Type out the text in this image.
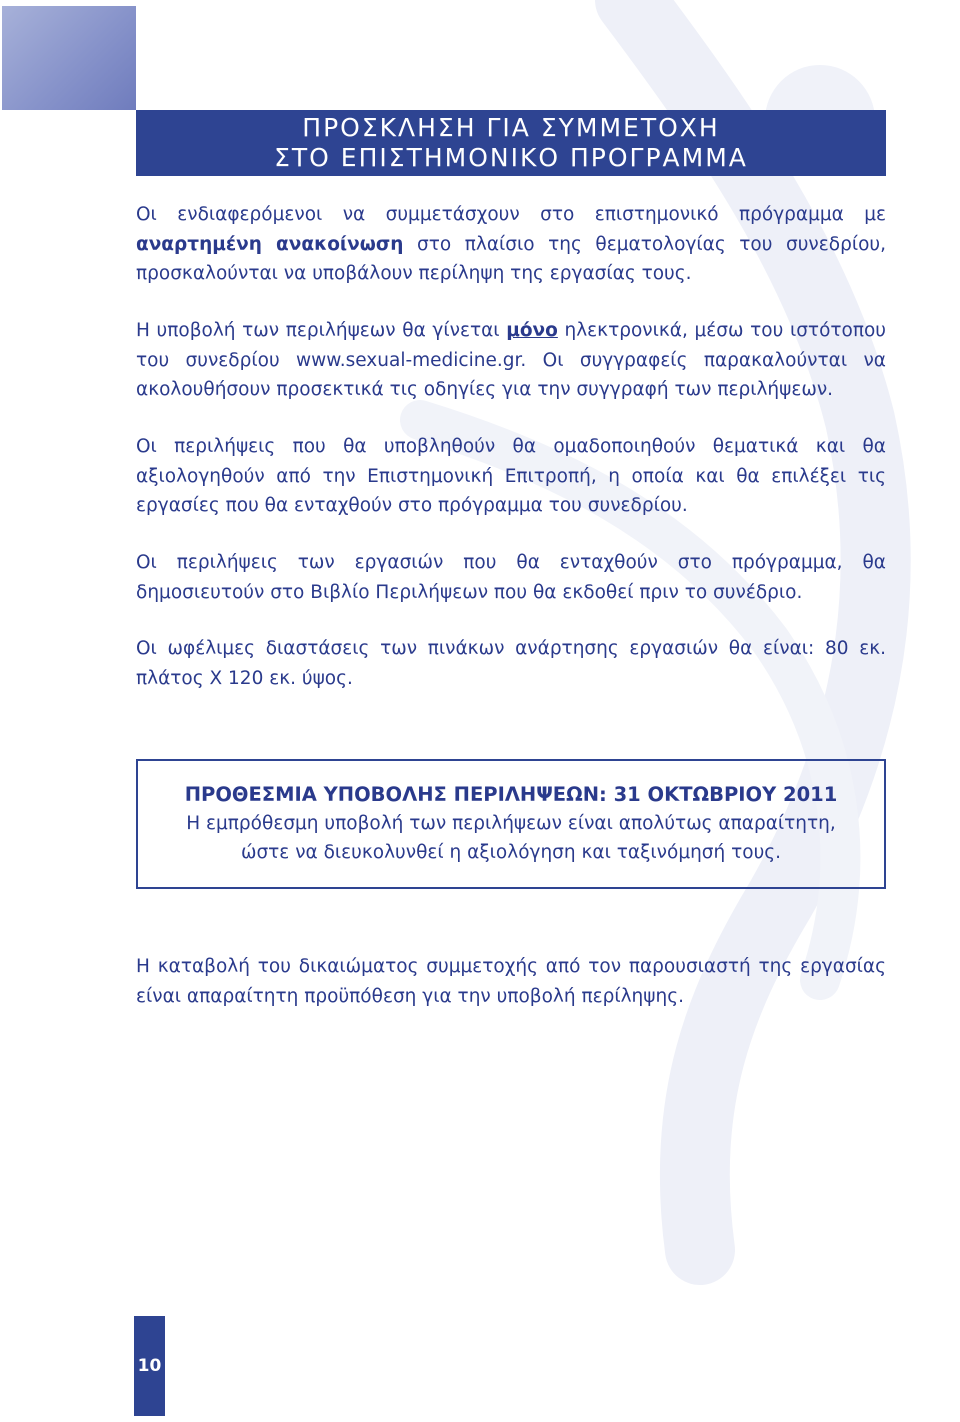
ΠΡΟΣΚΛΗΣΗ ΓΙΑ ΣΥΜΜΕΤΟΧΗ
ΣΤΟ ΕΠΙΣΤΗΜΟΝΙΚΟ ΠΡΟΓΡΑΜΜΑ

Οι ενδιαφερόμενοι να συμμετάσχουν στο επιστημονικό πρόγραμμα με αναρτημένη ανακοίνωση στο πλαίσιο της θεματολογίας του συνεδρίου, προσκαλούνται να υποβάλουν περίληψη της εργασίας τους.

Η υποβολή των περιλήψεων θα γίνεται μόνο ηλεκτρονικά, μέσω του ιστότοπου του συνεδρίου www.sexual-medicine.gr. Οι συγγραφείς παρακαλούνται να ακολουθήσουν προσεκτικά τις οδηγίες για την συγγραφή των περιλήψεων.

Οι περιλήψεις που θα υποβληθούν θα ομαδοποιηθούν θεματικά και θα αξιολογηθούν από την Επιστημονική Επιτροπή, η οποία και θα επιλέξει τις εργασίες που θα ενταχθούν στο πρόγραμμα του συνεδρίου.

Οι περιλήψεις των εργασιών που θα ενταχθούν στο πρόγραμμα, θα δημοσιευτούν στο Βιβλίο Περιλήψεων που θα εκδοθεί πριν το συνέδριο.

Οι ωφέλιμες διαστάσεις των πινάκων ανάρτησης εργασιών θα είναι: 80 εκ. πλάτος Χ 120 εκ. ύψος.

ΠΡΟΘΕΣΜΙΑ ΥΠΟΒΟΛΗΣ ΠΕΡΙΛΗΨΕΩΝ: 31 ΟΚΤΩΒΡΙΟΥ 2011
Η εμπρόθεσμη υποβολή των περιλήψεων είναι απολύτως απαραίτητη,
ώστε να διευκολυνθεί η αξιολόγηση και ταξινόμησή τους.

Η καταβολή του δικαιώματος συμμετοχής από τον παρουσιαστή της εργασίας είναι απαραίτητη προϋπόθεση για την υποβολή περίληψης.

10
